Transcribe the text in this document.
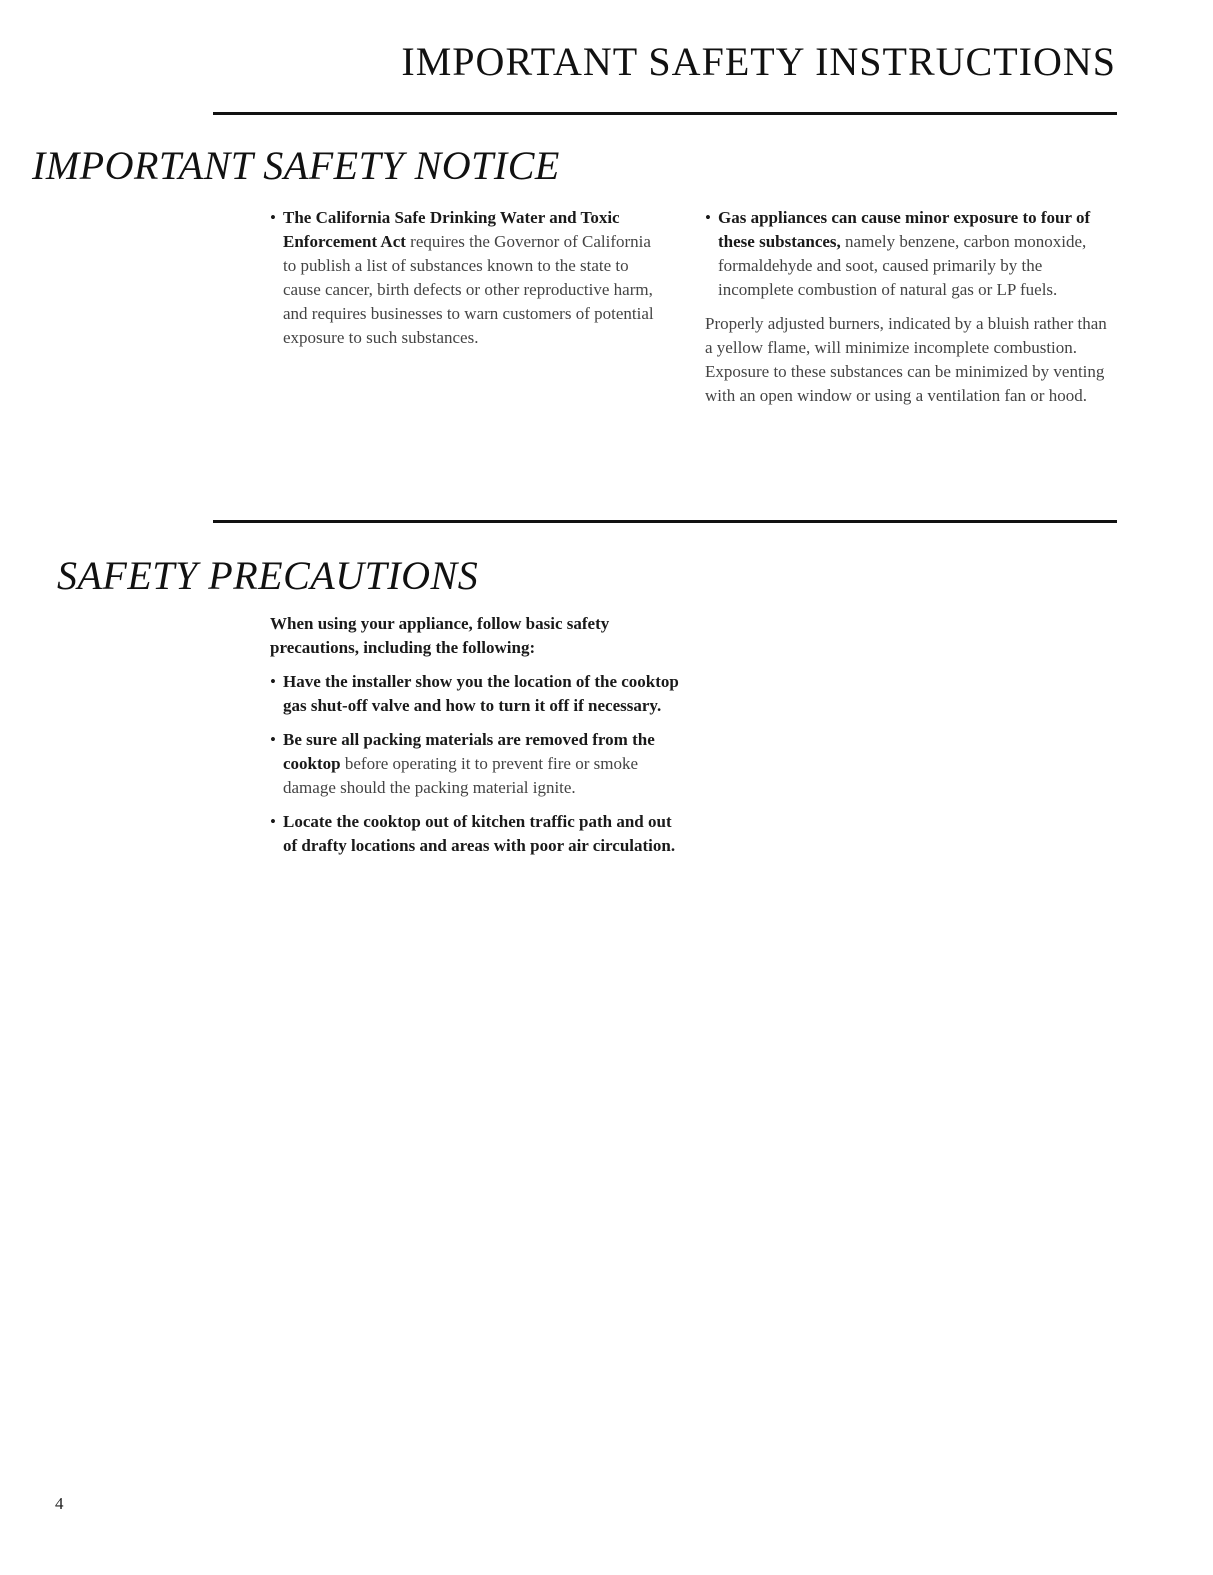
IMPORTANT SAFETY INSTRUCTIONS
IMPORTANT SAFETY NOTICE
• The California Safe Drinking Water and Toxic Enforcement Act requires the Governor of California to publish a list of substances known to the state to cause cancer, birth defects or other reproductive harm, and requires businesses to warn customers of potential exposure to such substances.

• Gas appliances can cause minor exposure to four of these substances, namely benzene, carbon monoxide, formaldehyde and soot, caused primarily by the incomplete combustion of natural gas or LP fuels.

Properly adjusted burners, indicated by a bluish rather than a yellow flame, will minimize incomplete combustion. Exposure to these substances can be minimized by venting with an open window or using a ventilation fan or hood.

SAFETY PRECAUTIONS

When using your appliance, follow basic safety precautions, including the following:

• Have the installer show you the location of the cooktop gas shut-off valve and how to turn it off if necessary.

• Be sure all packing materials are removed from the cooktop before operating it to prevent fire or smoke damage should the packing material ignite.

• Locate the cooktop out of kitchen traffic path and out of drafty locations and areas with poor air circulation.

4
